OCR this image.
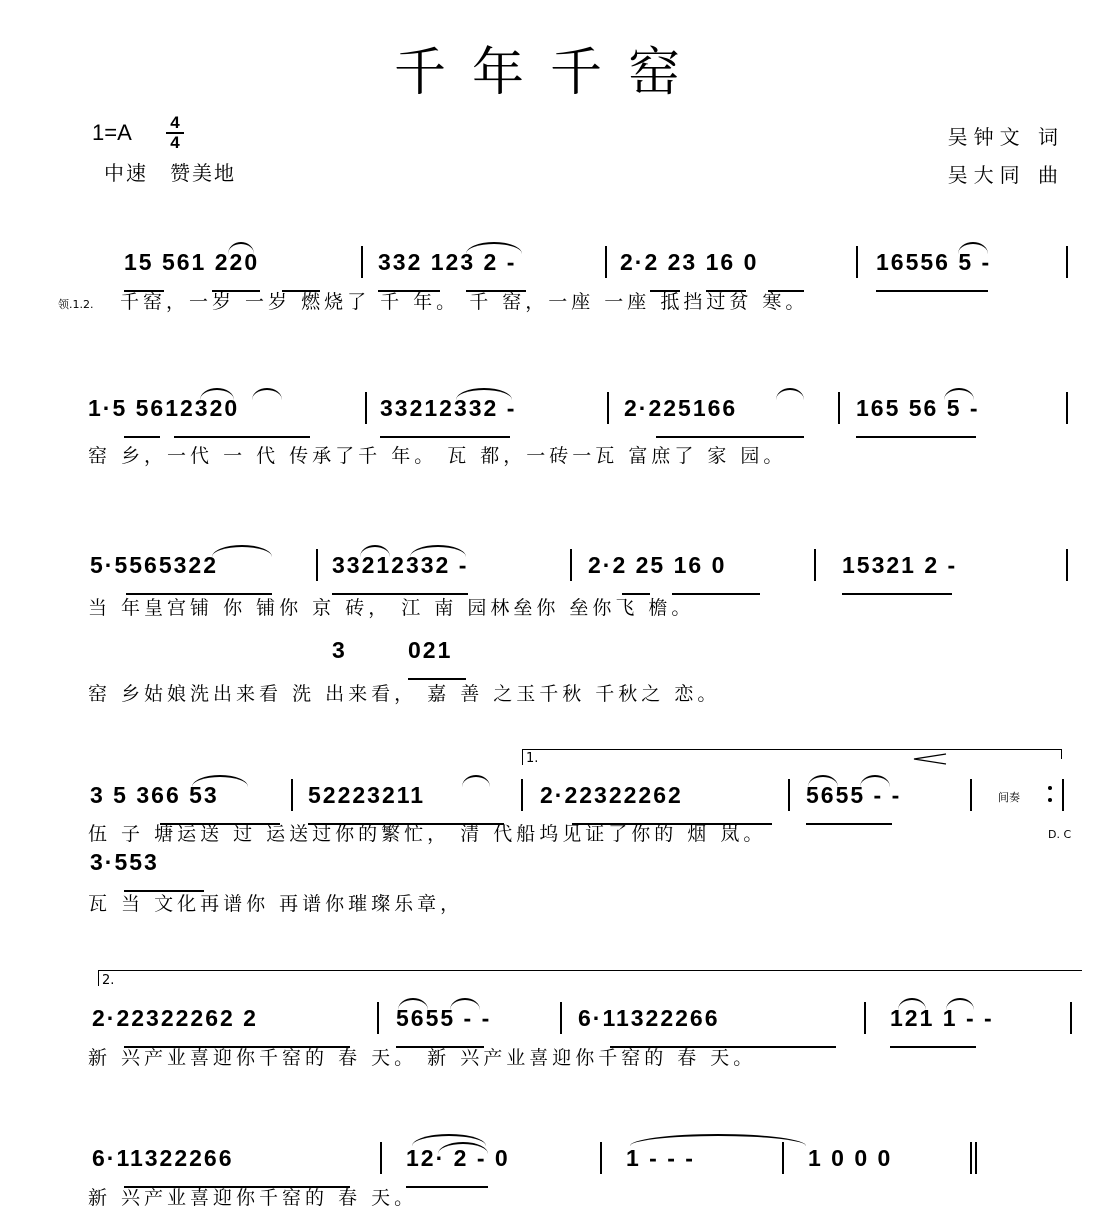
千年千窑
$1=A \frac{4}{4}$
中速　赞美地
吴钟文 词
吴大同 曲
领.1.2.
1.
间奏
D. C
2.
15 561 220	332 123 2 -	2·2 23 16 0	16556 5 -
千窑，一岁 一岁 燃烧了 千 年。 千 窑，一座 一座 抵挡过贫 寒。
1·5 5612320	33212332 -	2·225166	165 56 5 -
窑 乡，一代 一 代 传承了千 年。 瓦 都，一砖一瓦 富庶了 家 园。
5·5565322	33212332 -	2·2 25 16 0	15321 2 -
当 年皇宫铺 你 铺你 京 砖， 江 南 园林垒你 垒你飞 檐。
3	021
窑 乡姑娘洗出来看 洗 出来看， 嘉 善 之玉千秋 千秋之 恋。
3 5 366 53	52223211	2·22322262	5655 - -
伍 子 塘运送 过 运送过你的繁忙， 清 代船坞见证了你的 烟 岚。
3·553
瓦 当 文化再谱你 再谱你璀璨乐章，
2·22322262 2	5655 - -	6·11322266	121 1 - -
新 兴产业喜迎你千窑的 春 天。 新 兴产业喜迎你千窑的 春 天。
6·11322266	12· 2 - 0	1 - - -	1 0 0 0
新 兴产业喜迎你千窑的 春 天。
